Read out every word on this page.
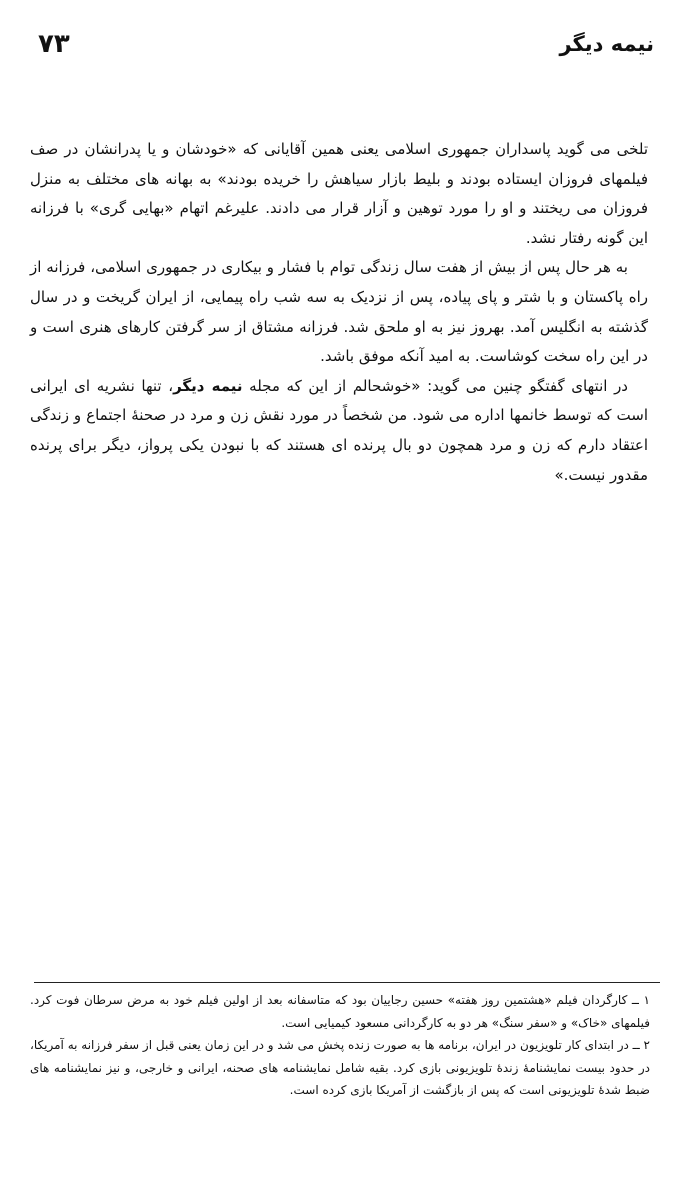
۷۳	نیمه دیگر

تلخی می گوید پاسداران جمهوری اسلامی یعنی همین آقایانی که «خودشان و یا پدرانشان در صف فیلمهای فروزان ایستاده بودند و بلیط بازار سیاهش را خریده بودند» به بهانه های مختلف به منزل فروزان می ریختند و او را مورد توهین و آزار قرار می دادند. علیرغم اتهام «بهایی گری» با فرزانه این گونه رفتار نشد.

به هر حال پس از بیش از هفت سال زندگی توام با فشار و بیکاری در جمهوری اسلامی، فرزانه از راه پاکستان و با شتر و پای پیاده، پس از نزدیک به سه شب راه پیمایی، از ایران گریخت و در سال گذشته به انگلیس آمد. بهروز نیز به او ملحق شد. فرزانه مشتاق از سر گرفتن کارهای هنری است و در این راه سخت کوشاست. به امید آنکه موفق باشد.

در انتهای گفتگو چنین می گوید: «خوشحالم از این که مجله نیمه دیگر، تنها نشریه ای ایرانی است که توسط خانمها اداره می شود. من شخصاً در مورد نقش زن و مرد در صحنهٔ اجتماع و زندگی اعتقاد دارم که زن و مرد همچون دو بال پرنده ای هستند که با نبودن یکی پرواز، دیگر برای پرنده مقدور نیست.»

۱ ــ کارگردان فیلم «هشتمین روز هفته» حسین رجاییان بود که متاسفانه بعد از اولین فیلم خود به مرض سرطان فوت کرد. فیلمهای «خاک» و «سفر سنگ» هر دو به کارگردانی مسعود کیمیایی است.

۲ ــ در ابتدای کار تلویزیون در ایران، برنامه ها به صورت زنده پخش می شد و در این زمان یعنی قبل از سفر فرزانه به آمریکا، در حدود بیست نمایشنامهٔ زندهٔ تلویزیونی بازی کرد. بقیه شامل نمایشنامه های صحنه، ایرانی و خارجی، و نیز نمایشنامه های ضبط شدهٔ تلویزیونی است که پس از بازگشت از آمریکا بازی کرده است.
